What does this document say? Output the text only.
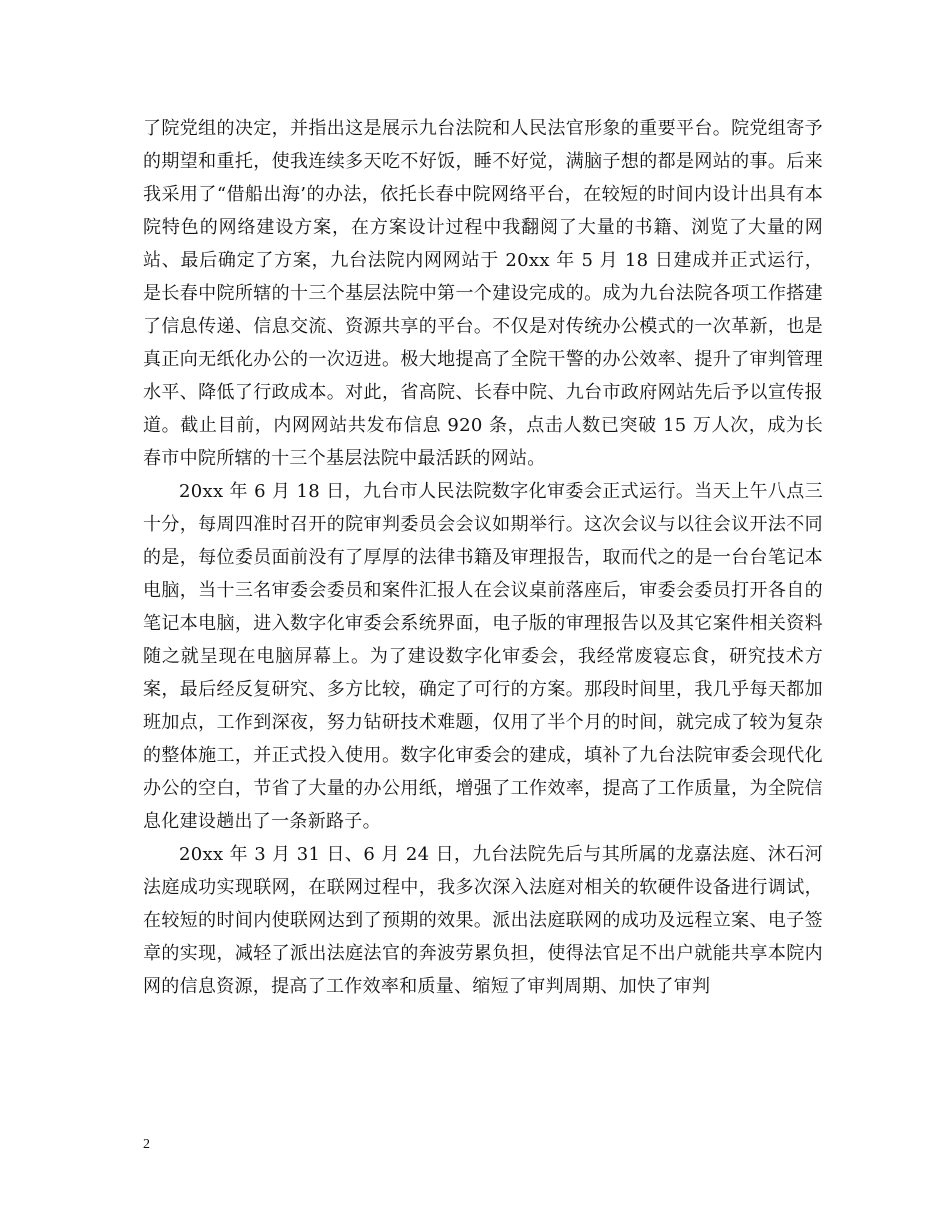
了院党组的决定，并指出这是展示九台法院和人民法官形象的重要平台。院党组寄予的期望和重托，使我连续多天吃不好饭，睡不好觉，满脑子想的都是网站的事。后来我采用了“借船出海’的办法，依托长春中院网络平台，在较短的时间内设计出具有本院特色的网络建设方案，在方案设计过程中我翻阅了大量的书籍、浏览了大量的网站、最后确定了方案，九台法院内网网站于 20xx 年 5 月 18 日建成并正式运行，是长春中院所辖的十三个基层法院中第一个建设完成的。成为九台法院各项工作搭建了信息传递、信息交流、资源共享的平台。不仅是对传统办公模式的一次革新，也是真正向无纸化办公的一次迈进。极大地提高了全院干警的办公效率、提升了审判管理水平、降低了行政成本。对此，省高院、长春中院、九台市政府网站先后予以宣传报道。截止目前，内网网站共发布信息 920 条，点击人数已突破 15 万人次，成为长春市中院所辖的十三个基层法院中最活跃的网站。

20xx 年 6 月 18 日，九台市人民法院数字化审委会正式运行。当天上午八点三十分，每周四准时召开的院审判委员会会议如期举行。这次会议与以往会议开法不同的是，每位委员面前没有了厚厚的法律书籍及审理报告，取而代之的是一台台笔记本电脑，当十三名审委会委员和案件汇报人在会议桌前落座后，审委会委员打开各自的笔记本电脑，进入数字化审委会系统界面，电子版的审理报告以及其它案件相关资料随之就呈现在电脑屏幕上。为了建设数字化审委会，我经常废寝忘食，研究技术方案，最后经反复研究、多方比较，确定了可行的方案。那段时间里，我几乎每天都加班加点，工作到深夜，努力钻研技术难题，仅用了半个月的时间，就完成了较为复杂的整体施工，并正式投入使用。数字化审委会的建成，填补了九台法院审委会现代化办公的空白，节省了大量的办公用纸，增强了工作效率，提高了工作质量，为全院信息化建设趟出了一条新路子。

20xx 年 3 月 31 日、6 月 24 日，九台法院先后与其所属的龙嘉法庭、沐石河法庭成功实现联网，在联网过程中，我多次深入法庭对相关的软硬件设备进行调试，在较短的时间内使联网达到了预期的效果。派出法庭联网的成功及远程立案、电子签章的实现，减轻了派出法庭法官的奔波劳累负担，使得法官足不出户就能共享本院内网的信息资源，提高了工作效率和质量、缩短了审判周期、加快了审判

2
